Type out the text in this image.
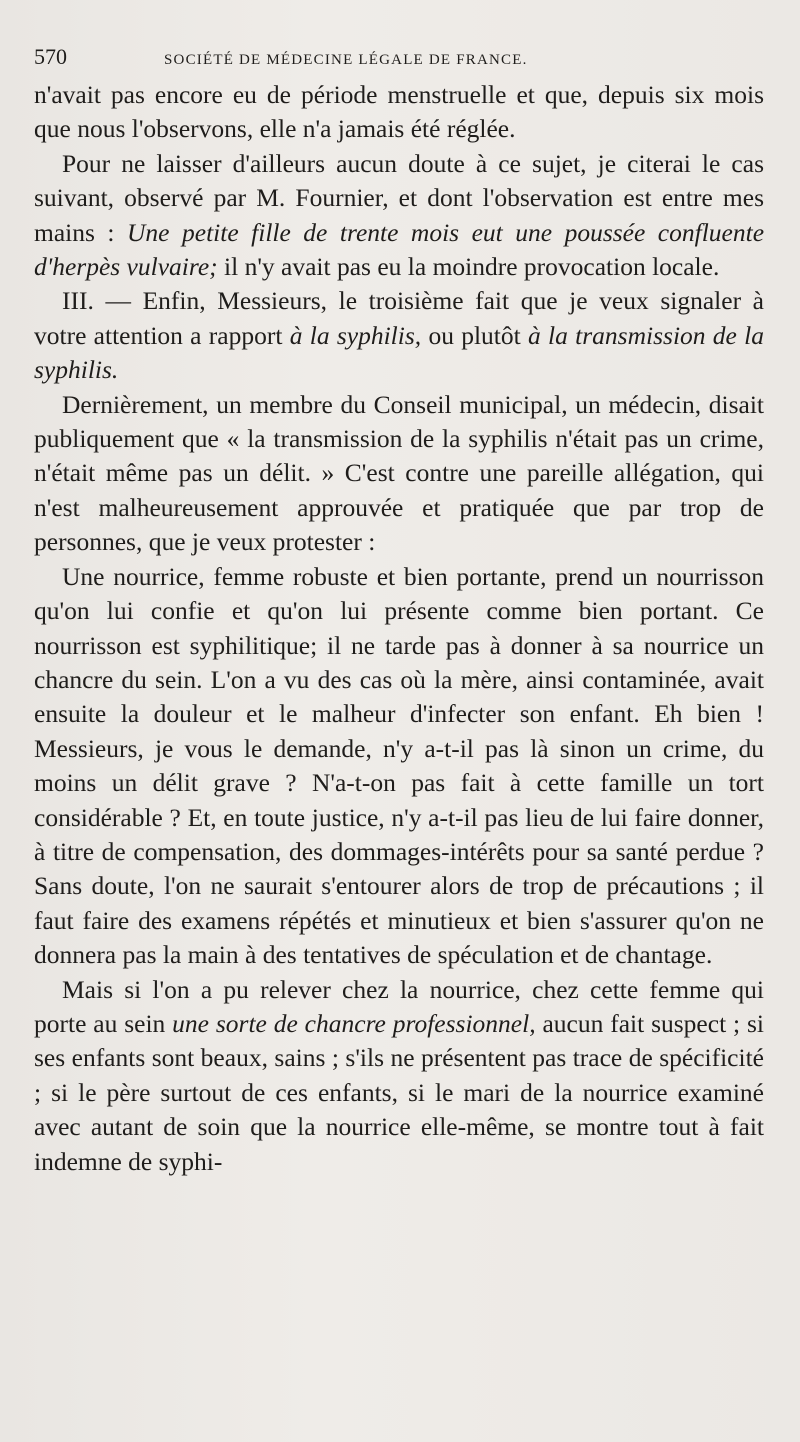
570	SOCIÉTÉ DE MÉDECINE LÉGALE DE FRANCE.

n'avait pas encore eu de période menstruelle et que, depuis six mois que nous l'observons, elle n'a jamais été réglée.

Pour ne laisser d'ailleurs aucun doute à ce sujet, je citerai le cas suivant, observé par M. Fournier, et dont l'observation est entre mes mains : Une petite fille de trente mois eut une poussée confluente d'herpès vulvaire; il n'y avait pas eu la moindre provocation locale.

III. — Enfin, Messieurs, le troisième fait que je veux signaler à votre attention a rapport à la syphilis, ou plutôt à la transmission de la syphilis.

Dernièrement, un membre du Conseil municipal, un médecin, disait publiquement que « la transmission de la syphilis n'était pas un crime, n'était même pas un délit. » C'est contre une pareille allégation, qui n'est malheureusement approuvée et pratiquée que par trop de personnes, que je veux protester :

Une nourrice, femme robuste et bien portante, prend un nourrisson qu'on lui confie et qu'on lui présente comme bien portant. Ce nourrisson est syphilitique; il ne tarde pas à donner à sa nourrice un chancre du sein. L'on a vu des cas où la mère, ainsi contaminée, avait ensuite la douleur et le malheur d'infecter son enfant. Eh bien ! Messieurs, je vous le demande, n'y a-t-il pas là sinon un crime, du moins un délit grave ? N'a-t-on pas fait à cette famille un tort considérable ? Et, en toute justice, n'y a-t-il pas lieu de lui faire donner, à titre de compensation, des dommages-intérêts pour sa santé perdue ? Sans doute, l'on ne saurait s'entourer alors de trop de précautions ; il faut faire des examens répétés et minutieux et bien s'assurer qu'on ne donnera pas la main à des tentatives de spéculation et de chantage.

Mais si l'on a pu relever chez la nourrice, chez cette femme qui porte au sein une sorte de chancre professionnel, aucun fait suspect ; si ses enfants sont beaux, sains ; s'ils ne présentent pas trace de spécificité ; si le père surtout de ces enfants, si le mari de la nourrice examiné avec autant de soin que la nourrice elle-même, se montre tout à fait indemne de syphi-
